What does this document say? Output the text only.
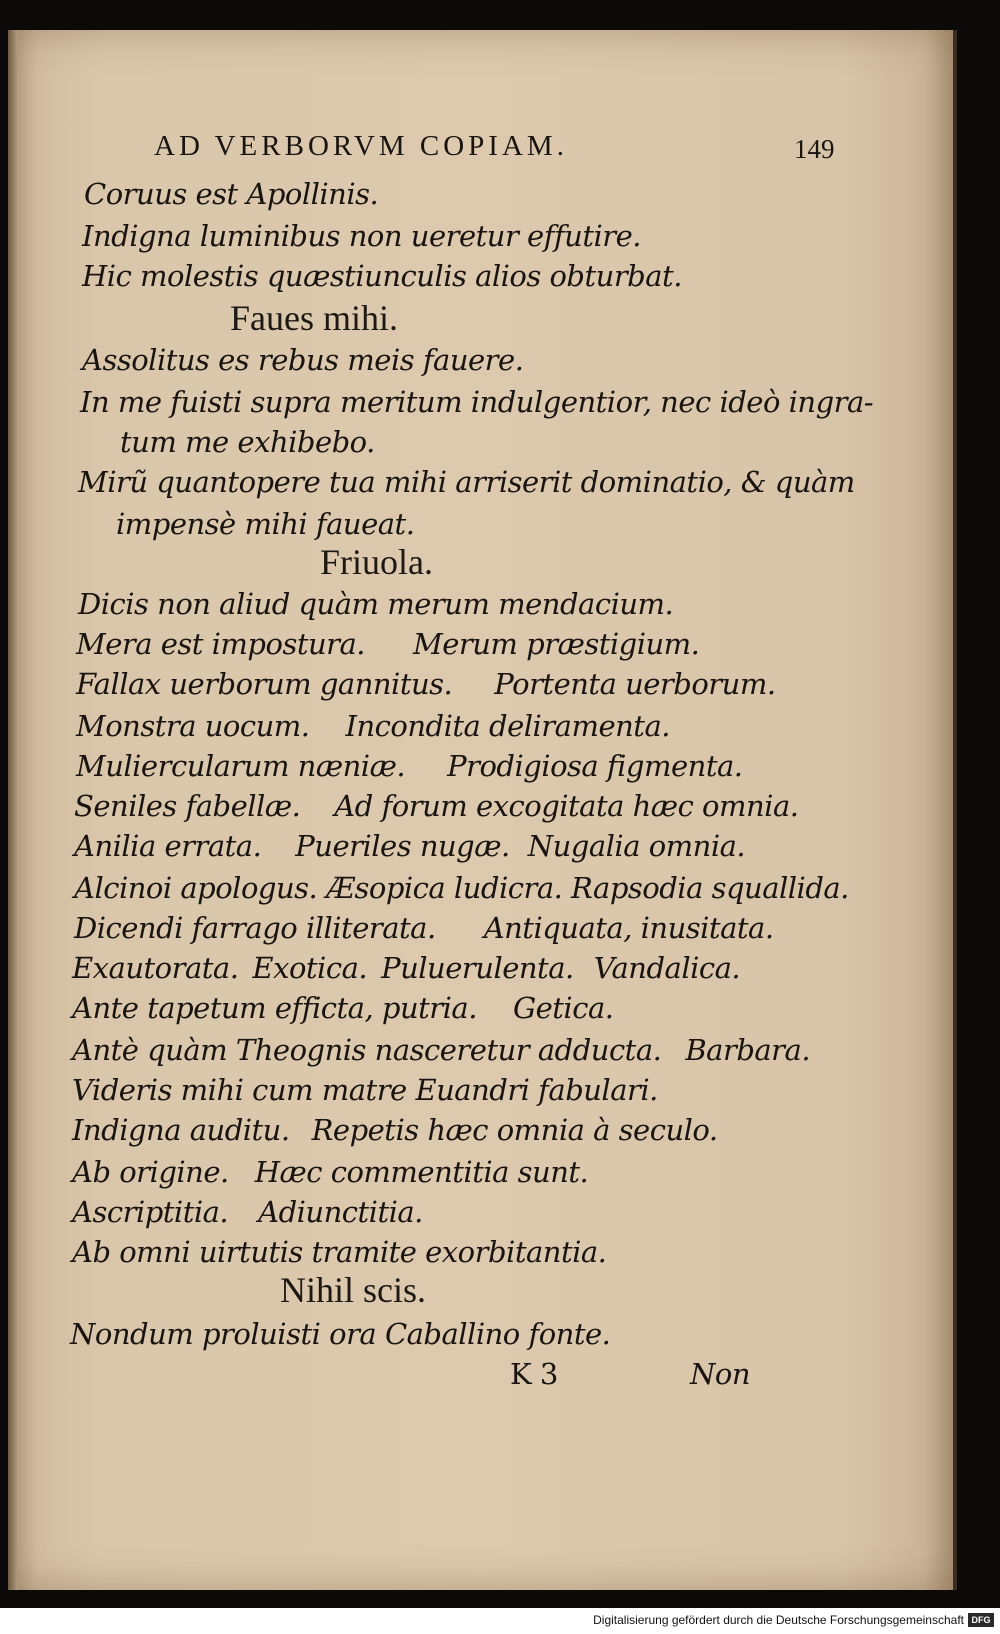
AD VERBORVM COPIAM.	149
Coruus est Apollinis.
Indigna luminibus non ueretur effutire.
Hic molestis quæstiunculis alios obturbat.
Faues mihi.
Assolitus es rebus meis fauere.
In me fuisti supra meritum indulgentior, nec ideò ingra-
tum me exhibebo.
Mirũ quantopere tua mihi arriserit dominatio, & quàm
impensè mihi faueat.
Friuola.
Dicis non aliud quàm merum mendacium.
Mera est impostura. Merum præstigium.
Fallax uerborum gannitus. Portenta uerborum.
Monstra uocum. Incondita deliramenta.
Muliercularum næniæ. Prodigiosa figmenta.
Seniles fabellæ. Ad forum excogitata hæc omnia.
Anilia errata. Pueriles nugæ. Nugalia omnia.
Alcinoi apologus. Æsopica ludicra. Rapsodia squallida.
Dicendi farrago illiterata. Antiquata, inusitata.
Exautorata. Exotica. Puluerulenta. Vandalica.
Ante tapetum efficta, putria. Getica.
Antè quàm Theognis nasceretur adducta. Barbara.
Videris mihi cum matre Euandri fabulari.
Indigna auditu. Repetis hæc omnia à seculo.
Ab origine. Hæc commentitia sunt.
Ascriptitia. Adiunctitia.
Ab omni uirtutis tramite exorbitantia.
Nihil scis.
Nondum proluisti ora Caballino fonte.
K 3	Non
Digitalisierung gefördert durch die Deutsche Forschungsgemeinschaft DFG
